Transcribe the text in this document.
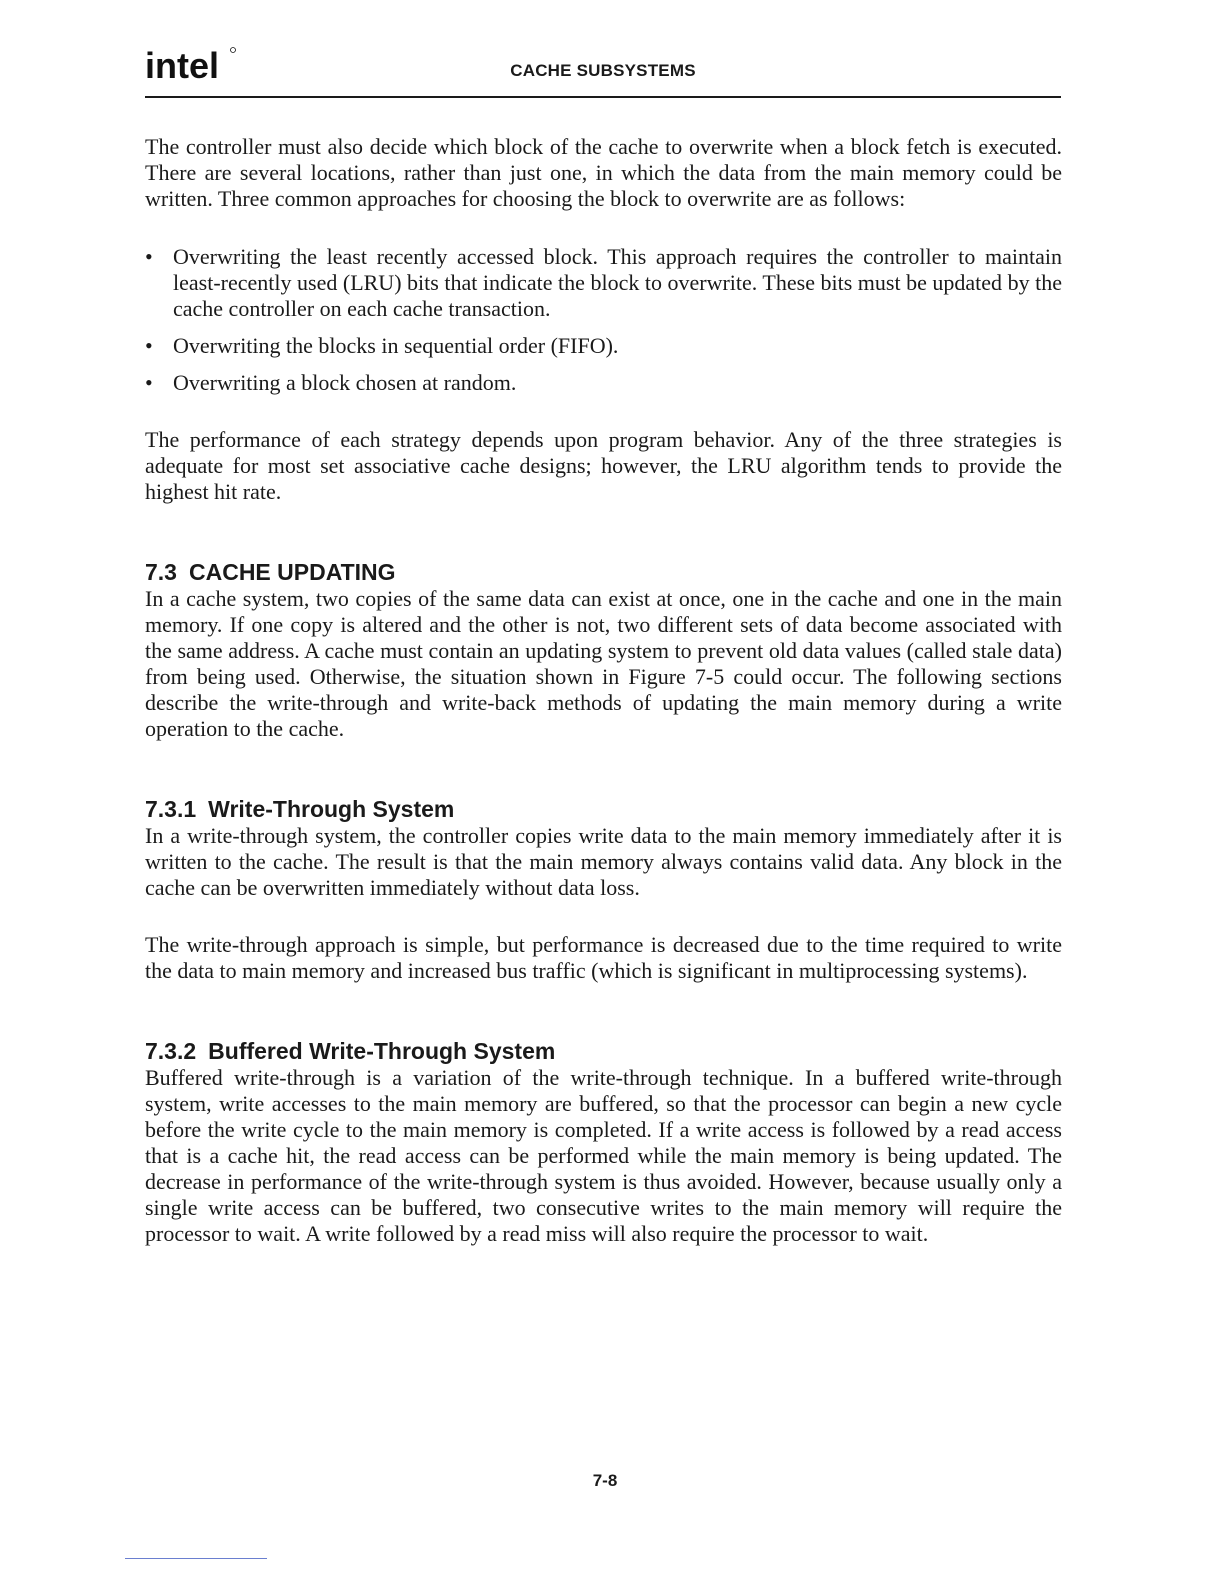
intel	CACHE SUBSYSTEMS

The controller must also decide which block of the cache to overwrite when a block fetch is executed. There are several locations, rather than just one, in which the data from the main memory could be written. Three common approaches for choosing the block to overwrite are as follows:

• Overwriting the least recently accessed block. This approach requires the controller to maintain least-recently used (LRU) bits that indicate the block to overwrite. These bits must be updated by the cache controller on each cache transaction.
• Overwriting the blocks in sequential order (FIFO).
• Overwriting a block chosen at random.

The performance of each strategy depends upon program behavior. Any of the three strategies is adequate for most set associative cache designs; however, the LRU algorithm tends to provide the highest hit rate.

7.3 CACHE UPDATING

In a cache system, two copies of the same data can exist at once, one in the cache and one in the main memory. If one copy is altered and the other is not, two different sets of data become associated with the same address. A cache must contain an updating system to prevent old data values (called stale data) from being used. Otherwise, the situation shown in Figure 7-5 could occur. The following sections describe the write-through and write-back methods of updating the main memory during a write operation to the cache.

7.3.1 Write-Through System

In a write-through system, the controller copies write data to the main memory immediately after it is written to the cache. The result is that the main memory always contains valid data. Any block in the cache can be overwritten immediately without data loss.

The write-through approach is simple, but performance is decreased due to the time required to write the data to main memory and increased bus traffic (which is significant in multiprocessing systems).

7.3.2 Buffered Write-Through System

Buffered write-through is a variation of the write-through technique. In a buffered write-through system, write accesses to the main memory are buffered, so that the processor can begin a new cycle before the write cycle to the main memory is completed. If a write access is followed by a read access that is a cache hit, the read access can be performed while the main memory is being updated. The decrease in performance of the write-through system is thus avoided. However, because usually only a single write access can be buffered, two consecutive writes to the main memory will require the processor to wait. A write followed by a read miss will also require the processor to wait.

7-8
